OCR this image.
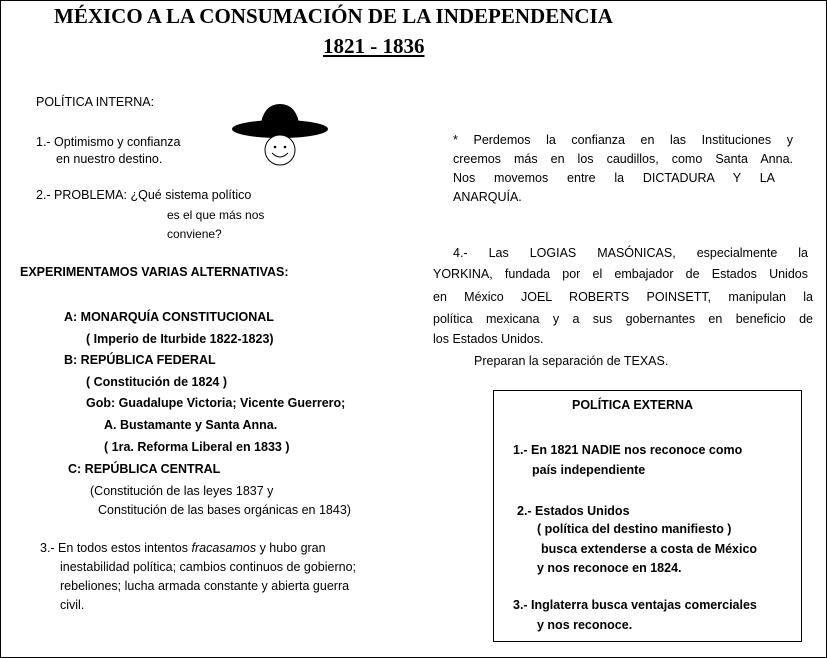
MÉXICO A LA CONSUMACIÓN DE LA INDEPENDENCIA
1821 - 1836
POLÍTICA INTERNA:
1.- Optimismo y confianza
en nuestro destino.
2.- PROBLEMA: ¿Qué sistema político
es el que más nos
conviene?
EXPERIMENTAMOS VARIAS ALTERNATIVAS:
A: MONARQUÍA CONSTITUCIONAL
( Imperio de Iturbide 1822-1823)
B: REPÚBLICA FEDERAL
( Constitución de 1824 )
Gob: Guadalupe Victoria; Vicente Guerrero;
A. Bustamante y Santa Anna.
( 1ra. Reforma Liberal en 1833 )
C: REPÚBLICA CENTRAL
(Constitución de las leyes 1837 y
Constitución de las bases orgánicas en 1843)
3.- En todos estos intentos fracasamos y hubo gran
inestabilidad política; cambios continuos de gobierno;
rebeliones; lucha armada constante y abierta guerra
civil.
* Perdemos la confianza en las Instituciones y
creemos más en los caudillos, como Santa Anna.
Nos movemos entre la DICTADURA Y LA
ANARQUÍA.
4.- Las LOGIAS MASÓNICAS, especialmente la
YORKINA, fundada por el embajador de Estados Unidos
en México JOEL ROBERTS POINSETT, manipulan la
política mexicana y a sus gobernantes en beneficio de
los Estados Unidos.
Preparan la separación de TEXAS.
POLÍTICA EXTERNA
1.- En 1821 NADIE nos reconoce como
país independiente
2.- Estados Unidos
( política del destino manifiesto )
busca extenderse a costa de México
y nos reconoce en 1824.
3.- Inglaterra busca ventajas comerciales
y nos reconoce.
